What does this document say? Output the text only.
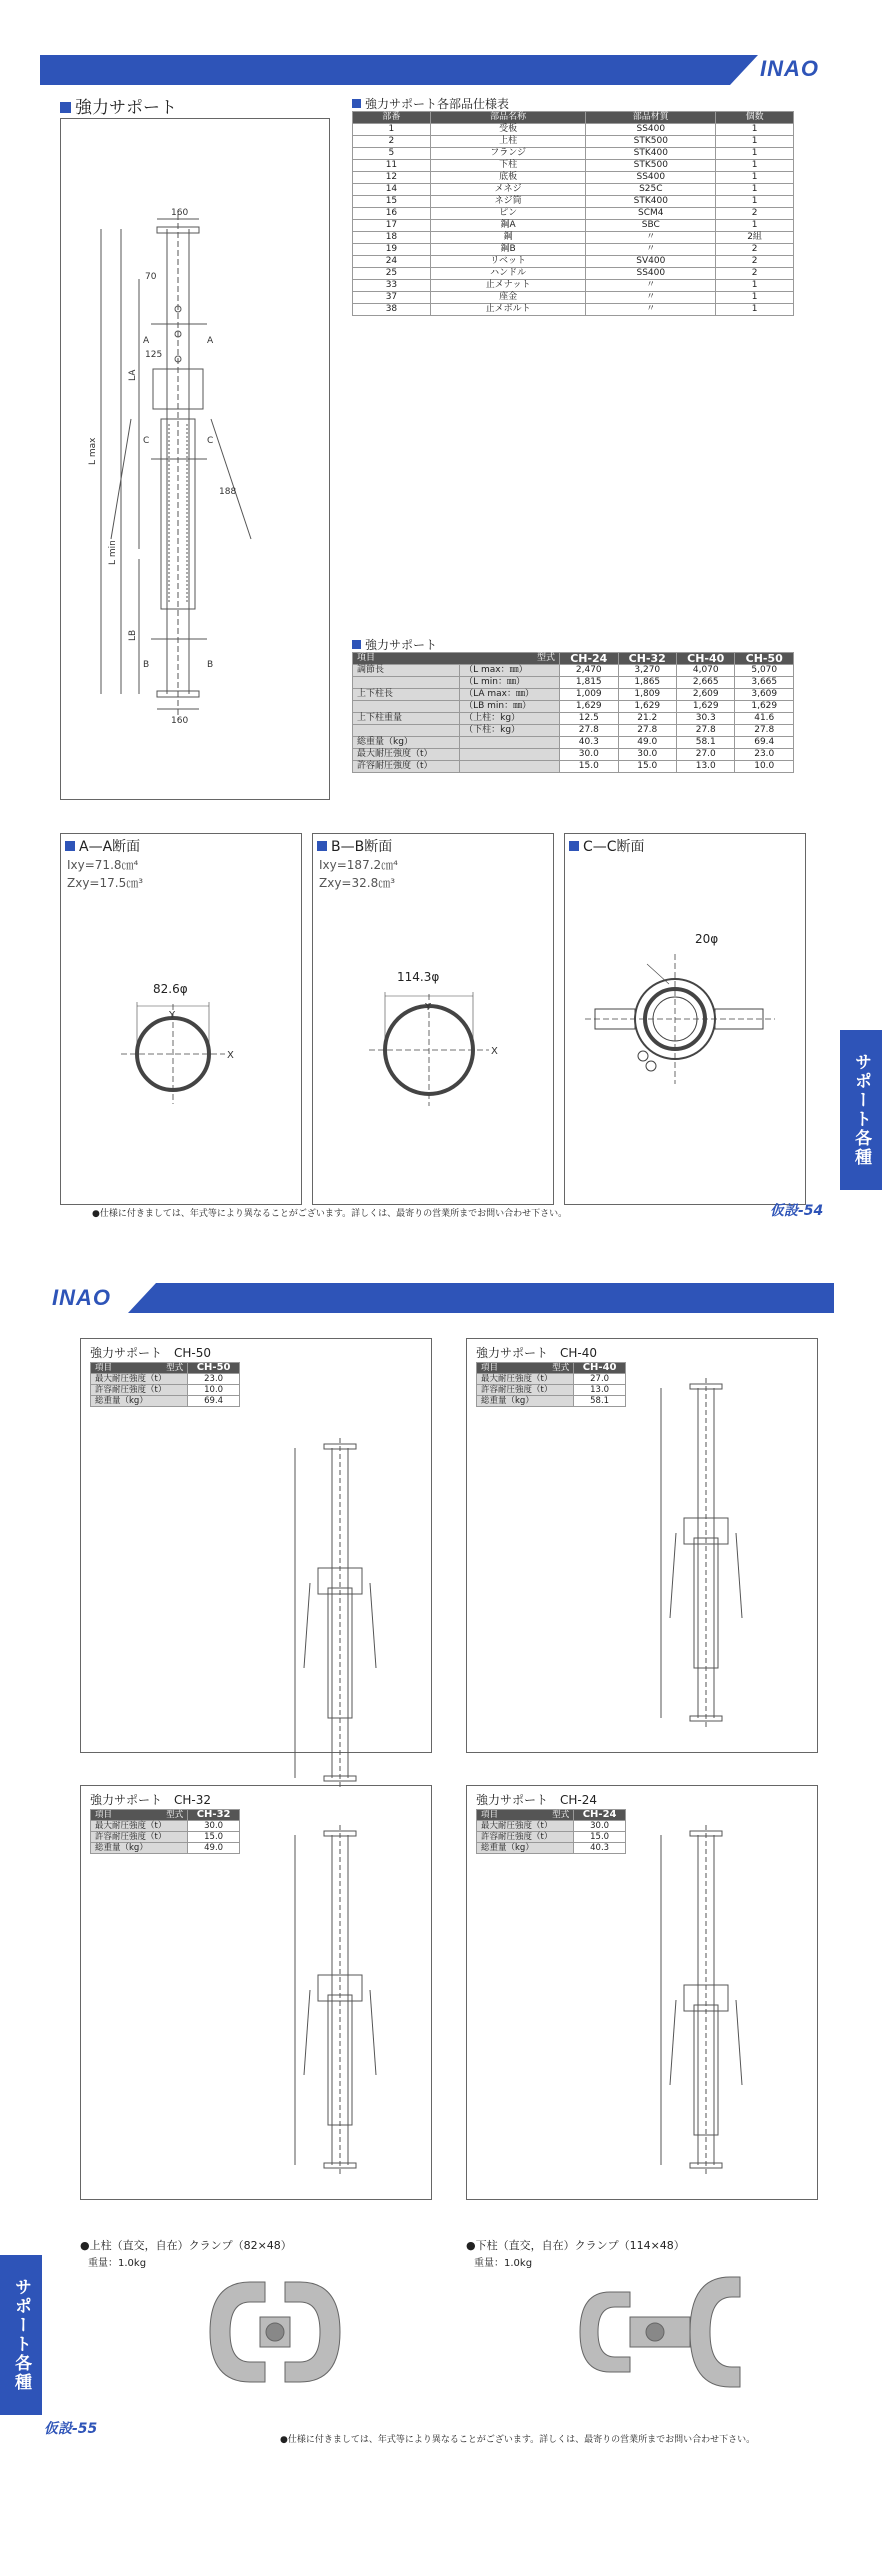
INAO
強力サポート
160
160
L max
L min
LA
LB
70
125
188
A	A
C	C
B	B
強力サポート各部品仕様表
部番	部品名称	部品材質	個数
1	受板	SS400	1
2	上柱	STK500	1
5	フランジ	STK400	1
11	下柱	STK500	1
12	底板	SS400	1
14	メネジ	S25C	1
15	ネジ筒	STK400	1
16	ピン	SCM4	2
17	鋼A	SBC	1
18	鋼	〃	2組
19	鋼B	〃	2
24	リベット	SV400	2
25	ハンドル	SS400	2
33	止メナット	〃	1
37	座金	〃	1
38	止メボルト	〃	1
強力サポート
項目 型式		CH-24	CH-32	CH-40	CH-50
調節長	（L max：㎜）	2,470	3,270	4,070	5,070
	（L min：㎜）	1,815	1,865	2,665	3,665
上下柱長	（LA max：㎜）	1,009	1,809	2,609	3,609
	（LB min：㎜）	1,629	1,629	1,629	1,629
上下柱重量	（上柱：kg）	12.5	21.2	30.3	41.6
	（下柱：kg）	27.8	27.8	27.8	27.8
総重量（kg）		40.3	49.0	58.1	69.4
最大耐圧強度（t）		30.0	30.0	27.0	23.0
許容耐圧強度（t）		15.0	15.0	13.0	10.0
A—A断面
Ixy=71.8㎝⁴
Zxy=17.5㎝³
82.6φ
X
Y
B—B断面
Ixy=187.2㎝⁴
Zxy=32.8㎝³
114.3φ
X
Y
C—C断面
20φ
サポート各種
●仕様に付きましては、年式等により異なることがございます。詳しくは、最寄りの営業所までお問い合わせ下さい。	仮設-54
INAO
サポート各種
強力サポート　CH-50
項目 型式	CH-50
最大耐圧強度（t）	23.0
許容耐圧強度（t）	10.0
総重量（kg）	69.4
強力サポート　CH-40
項目 型式	CH-40
最大耐圧強度（t）	27.0
許容耐圧強度（t）	13.0
総重量（kg）	58.1
強力サポート　CH-32
項目 型式	CH-32
最大耐圧強度（t）	30.0
許容耐圧強度（t）	15.0
総重量（kg）	49.0
強力サポート　CH-24
項目 型式	CH-24
最大耐圧強度（t）	30.0
許容耐圧強度（t）	15.0
総重量（kg）	40.3
●上柱（直交，自在）クランプ（82×48）
重量：1.0kg
●下柱（直交，自在）クランプ（114×48）
重量：1.0kg
仮設-55
●仕様に付きましては、年式等により異なることがございます。詳しくは、最寄りの営業所までお問い合わせ下さい。
